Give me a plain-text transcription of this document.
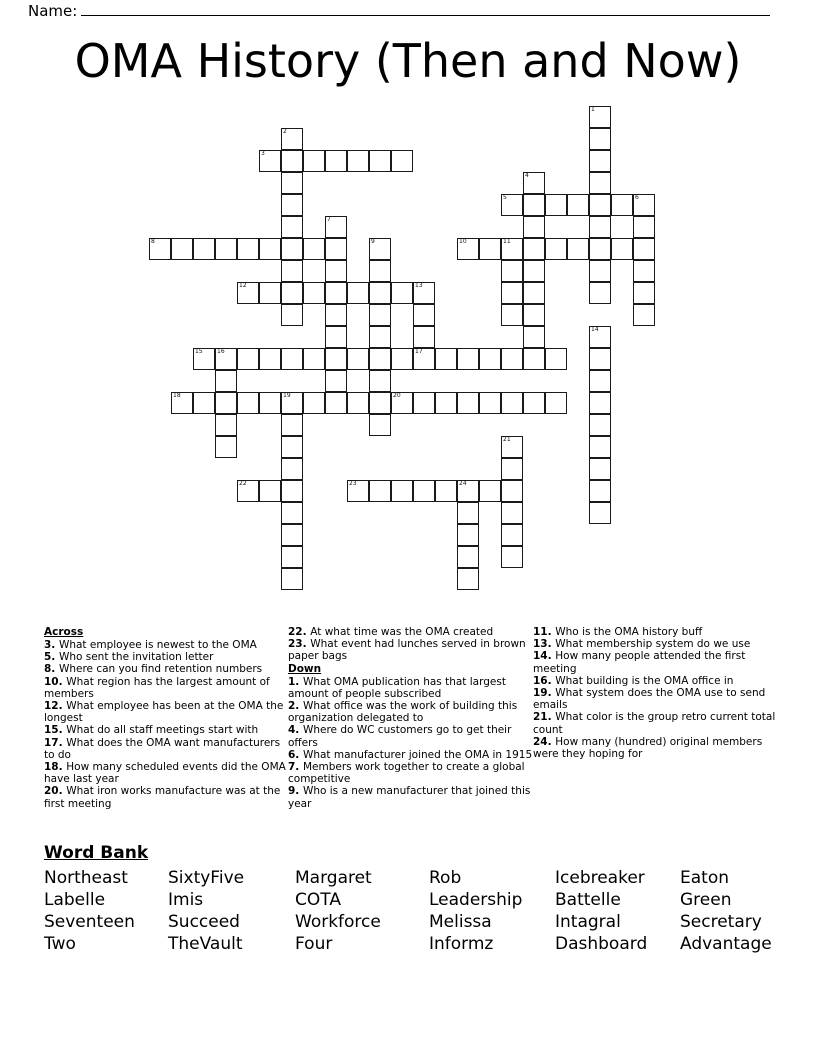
Name:
OMA History (Then and Now)
1
2
3
4
5	6
7
8	9	10	11
12	13
17
14
15 16
18	19	20
21
22	23	24
Across
3. What employee is newest to the OMA
5. Who sent the invitation letter
8. Where can you find retention numbers
10. What region has the largest amount of members
12. What employee has been at the OMA the longest
15. What do all staff meetings start with
17. What does the OMA want manufacturers to do
18. How many scheduled events did the OMA have last year
20. What iron works manufacture was at the first meeting
22. At what time was the OMA created
23. What event had lunches served in brown paper bags
Down
1. What OMA publication has that largest amount of people subscribed
2. What office was the work of building this organization delegated to
4. Where do WC customers go to get their offers
6. What manufacturer joined the OMA in 1915
7. Members work together to create a global competitive
9. Who is a new manufacturer that joined this year
11. Who is the OMA history buff
13. What membership system do we use
14. How many people attended the first meeting
16. What building is the OMA office in
19. What system does the OMA use to send emails
21. What color is the group retro current total count
24. How many (hundred) original members were they hoping for
Word Bank
Northeast	SixtyFive	Margaret	Rob	Icebreaker	Eaton
Labelle	Imis	COTA	Leadership	Battelle	Green
Seventeen	Succeed	Workforce	Melissa	Intagral	Secretary
Two	TheVault	Four	Informz	Dashboard	Advantage
